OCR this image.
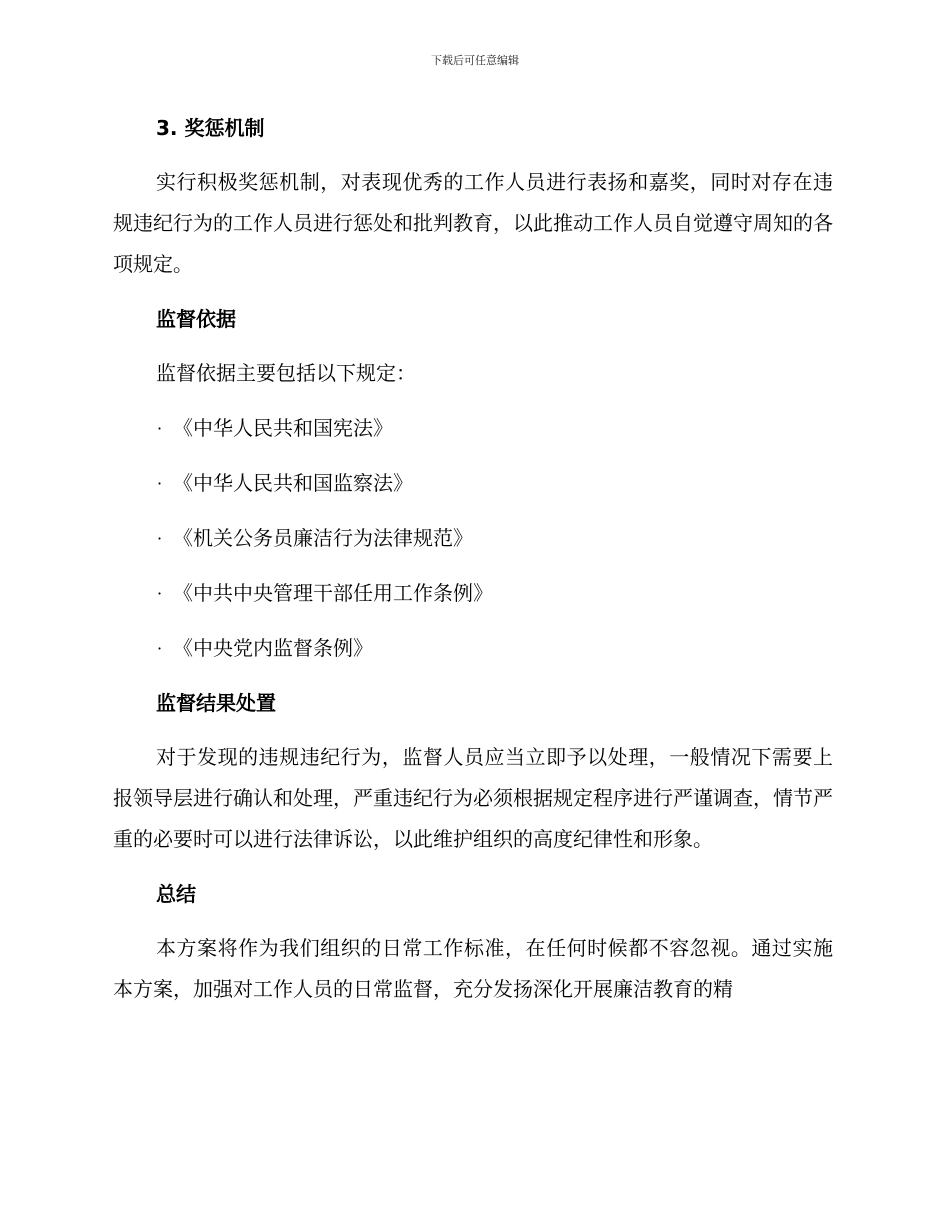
下载后可任意编辑
3. 奖惩机制

实行积极奖惩机制，对表现优秀的工作人员进行表扬和嘉奖，同时对存在违规违纪行为的工作人员进行惩处和批判教育，以此推动工作人员自觉遵守周知的各项规定。

监督依据

监督依据主要包括以下规定：

· 《中华人民共和国宪法》
· 《中华人民共和国监察法》
· 《机关公务员廉洁行为法律规范》
· 《中共中央管理干部任用工作条例》
· 《中央党内监督条例》
监督结果处置

对于发现的违规违纪行为，监督人员应当立即予以处理，一般情况下需要上报领导层进行确认和处理，严重违纪行为必须根据规定程序进行严谨调查，情节严重的必要时可以进行法律诉讼，以此维护组织的高度纪律性和形象。

总结

本方案将作为我们组织的日常工作标准，在任何时候都不容忽视。通过实施本方案，加强对工作人员的日常监督，充分发扬深化开展廉洁教育的精
